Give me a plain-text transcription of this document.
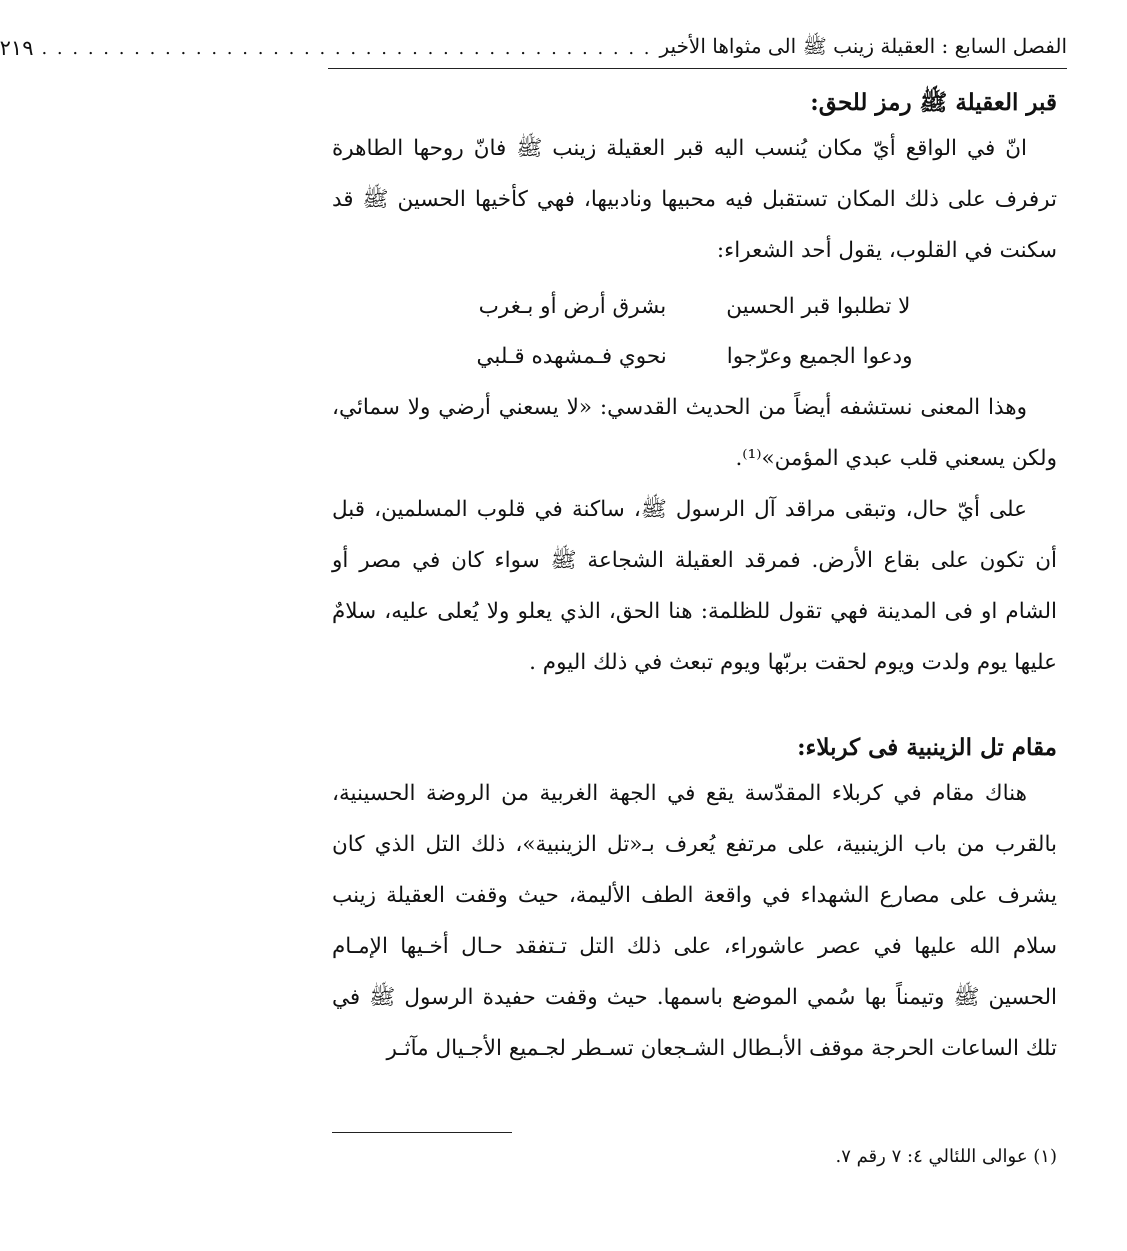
الفصل السابع : العقيلة زينب ﷺ الى مثواها الأخير
. . . . . . . . . . . . . . . . . . . . . . . . . . . . . . . . . . . . . . . .
٢١٩
قبر العقيلة ﷺ رمز للحق:

انّ في الواقع أيّ مكان يُنسب اليه قبر العقيلة زينب ﷺ فانّ روحها الطاهرة ترفرف على ذلك المكان تستقبل فيه محبيها ونادبيها، فهي كأخيها الحسين ﷺ قد سكنت في القلوب، يقول أحد الشعراء:

لا تطلبوا قبر الحسين
بشرق أرض أو بـغرب
ودعوا الجميع وعرّجوا
نحوي فـمشهده قـلبي

وهذا المعنى نستشفه أيضاً من الحديث القدسي: «لا يسعني أرضي ولا سمائي، ولكن يسعني قلب عبدي المؤمن»⁽¹⁾.

على أيّ حال، وتبقى مراقد آل الرسول ﷺ، ساكنة في قلوب المسلمين، قبل أن تكون على بقاع الأرض. فمرقد العقيلة الشجاعة ﷺ سواء كان في مصر أو الشام او فى المدينة فهي تقول للظلمة: هنا الحق، الذي يعلو ولا يُعلى عليه، سلامٌ عليها يوم ولدت ويوم لحقت بربّها ويوم تبعث في ذلك اليوم .

مقام تل الزينبية فى كربلاء:

هناك مقام في كربلاء المقدّسة يقع في الجهة الغربية من الروضة الحسينية، بالقرب من باب الزينبية، على مرتفع يُعرف بـ«تل الزينبية»، ذلك التل الذي كان يشرف على مصارع الشهداء في واقعة الطف الأليمة، حيث وقفت العقيلة زينب سلام الله عليها في عصر عاشوراء، على ذلك التل تـتفقد حـال أخـيها الإمـام الحسين ﷺ وتيمناً بها سُمي الموضع باسمها. حيث وقفت حفيدة الرسول ﷺ في تلك الساعات الحرجة موقف الأبـطال الشـجعان تسـطر لجـميع الأجـيال مآثـر

(١) عوالى اللئالي ٤: ٧ رقم ٧.
